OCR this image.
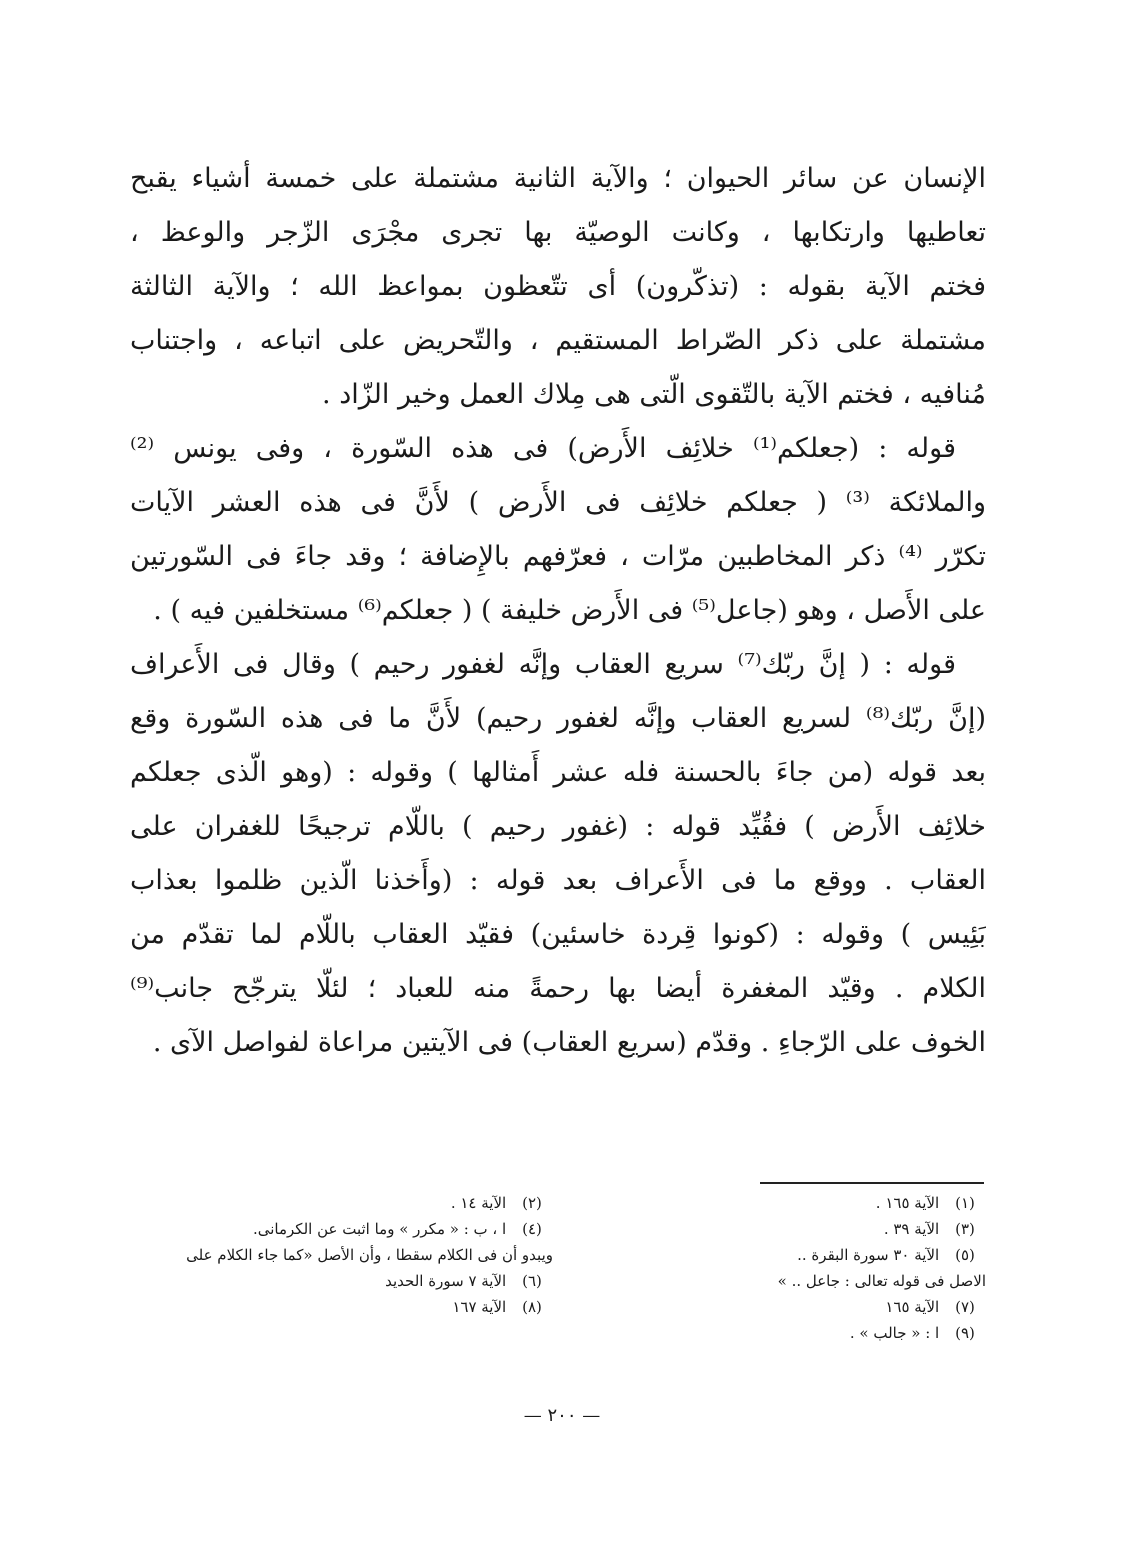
الإنسان عن سائر الحيوان ؛ والآية الثانية مشتملة على خمسة أشياء يقبح
تعاطيها وارتكابها ، وكانت الوصيّة بها تجرى مجْرَى الزّجر والوعظ ،
فختم الآية بقوله : (تذكّرون) أى تتّعظون بمواعظ الله ؛ والآية الثالثة
مشتملة على ذكر الصّراط المستقيم ، والتّحريض على اتباعه ، واجتناب
مُنافيه ، فختم الآية بالتّقوى الّتى هى مِلاك العمل وخير الزّاد .
قوله : (جعلكم⁽¹⁾ خلائِف الأَرض) فى هذه السّورة ، وفى يونس ⁽²⁾
والملائكة ⁽³⁾ ( جعلكم خلائِف فى الأَرض ) لأَنَّ فى هذه العشر الآيات
تكرّر ⁽⁴⁾ ذكر المخاطبين مرّات ، فعرّفهم بالإِضافة ؛ وقد جاءَ فى السّورتين
على الأَصل ، وهو (جاعل⁽⁵⁾ فى الأَرض خليفة ) ( جعلكم⁽⁶⁾ مستخلفين فيه ) .
قوله : ( إنَّ ربّك⁽⁷⁾ سريع العقاب وإنَّه لغفور رحيم ) وقال فى الأَعراف
(إنَّ ربّك⁽⁸⁾ لسريع العقاب وإنَّه لغفور رحيم) لأَنَّ ما فى هذه السّورة وقع
بعد قوله (من جاءَ بالحسنة فله عشر أَمثالها ) وقوله : (وهو الّذى جعلكم
خلائِف الأَرض ) فقُيِّد قوله : (غفور رحيم ) باللّام ترجيحًا للغفران على
العقاب . ووقع ما فى الأَعراف بعد قوله : (وأَخذنا الّذين ظلموا بعذاب
بَئِيس ) وقوله : (كونوا قِردة خاسئين) فقيّد العقاب باللّام لما تقدّم من
الكلام . وقيّد المغفرة أيضا بها رحمةً منه للعباد ؛ لئلّا يترجّح جانب⁽⁹⁾
الخوف على الرّجاءِ . وقدّم (سريع العقاب) فى الآيتين مراعاة لفواصل الآى .
(١) الآية ١٦٥ .
(٢) الآية ١٤ .
(٣) الآية ٣٩ .
(٤) ا ، ب : « مكرر » وما اثبت عن الكرمانى.
(٥) الآية ٣٠ سورة البقرة ..
ويبدو أن فى الكلام سقطا ، وأن الأصل «كما جاء الكلام على
الاصل فى قوله تعالى : جاعل .. »
(٦) الآية ٧ سورة الحديد
(٧) الآية ١٦٥
(٨) الآية ١٦٧
(٩) ا : « جالب » .
— ٢٠٠ —
